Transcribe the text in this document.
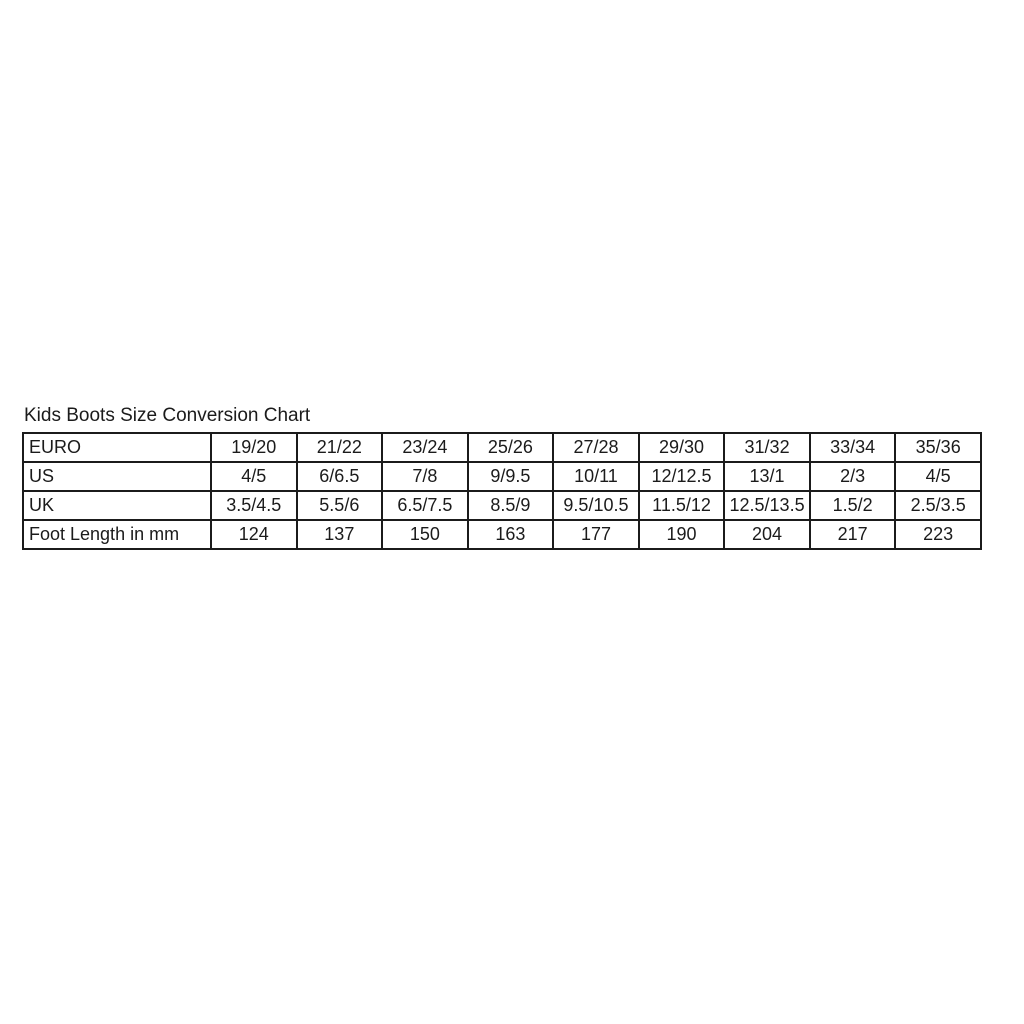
Kids Boots Size Conversion Chart

EURO	19/20	21/22	23/24	25/26	27/28	29/30	31/32	33/34	35/36
US	4/5	6/6.5	7/8	9/9.5	10/11	12/12.5	13/1	2/3	4/5
UK	3.5/4.5	5.5/6	6.5/7.5	8.5/9	9.5/10.5	11.5/12	12.5/13.5	1.5/2	2.5/3.5
Foot Length in mm	124	137	150	163	177	190	204	217	223
